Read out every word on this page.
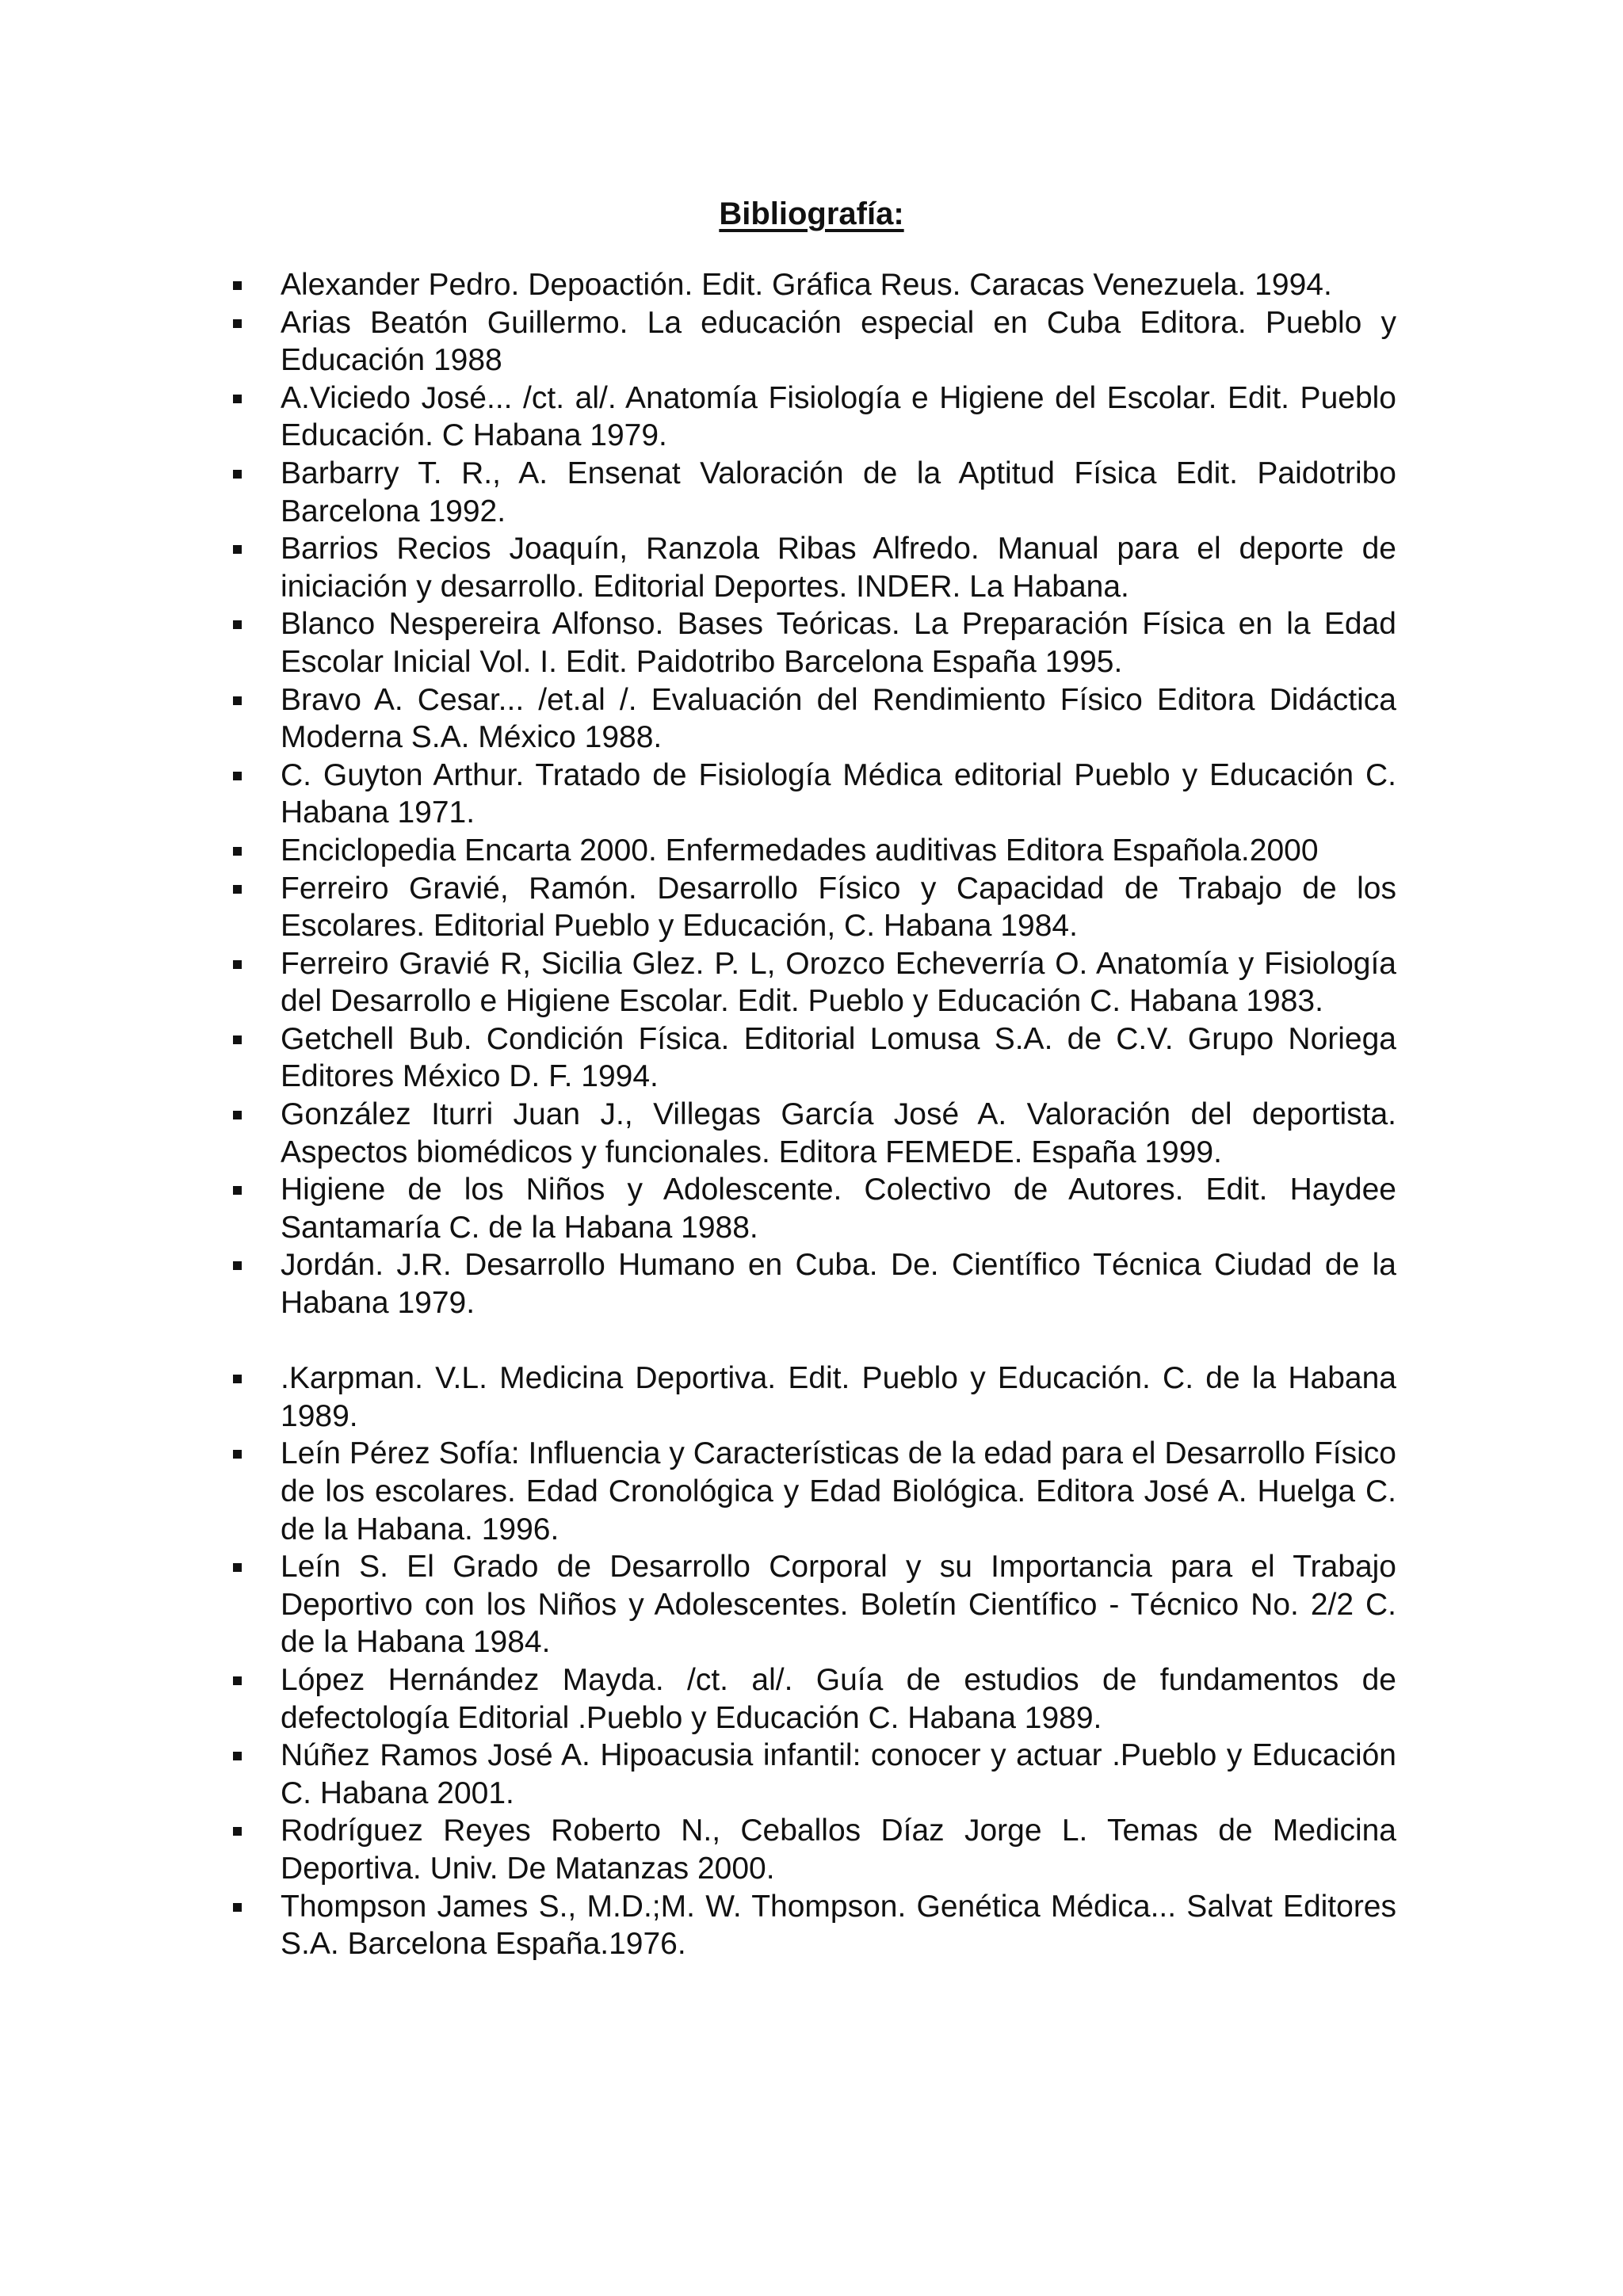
Bibliografía:
Alexander Pedro. Depoactión. Edit. Gráfica Reus. Caracas Venezuela. 1994.
Arias Beatón Guillermo. La educación especial en Cuba Editora. Pueblo y Educación 1988
A.Viciedo José... /ct. al/. Anatomía Fisiología e Higiene del Escolar. Edit. Pueblo Educación. C Habana 1979.
Barbarry T. R., A. Ensenat Valoración de la Aptitud Física Edit. Paidotribo Barcelona 1992.
Barrios Recios Joaquín, Ranzola Ribas Alfredo. Manual para el deporte de iniciación y desarrollo. Editorial Deportes. INDER. La Habana.
Blanco Nespereira Alfonso. Bases Teóricas. La Preparación Física en la Edad Escolar Inicial Vol. I. Edit. Paidotribo Barcelona España 1995.
Bravo A. Cesar... /et.al /. Evaluación del Rendimiento Físico Editora Didáctica Moderna S.A. México 1988.
C. Guyton Arthur. Tratado de Fisiología Médica editorial Pueblo y Educación C. Habana 1971.
Enciclopedia Encarta 2000. Enfermedades auditivas Editora Española.2000
Ferreiro Gravié, Ramón. Desarrollo Físico y Capacidad de Trabajo de los Escolares. Editorial Pueblo y Educación, C. Habana 1984.
Ferreiro Gravié R, Sicilia Glez. P. L, Orozco Echeverría O. Anatomía y Fisiología del Desarrollo e Higiene Escolar. Edit. Pueblo y Educación C. Habana 1983.
Getchell Bub. Condición Física. Editorial Lomusa S.A. de C.V. Grupo Noriega Editores México D. F. 1994.
González Iturri Juan J., Villegas García José A. Valoración del deportista. Aspectos biomédicos y funcionales. Editora FEMEDE. España 1999.
Higiene de los Niños y Adolescente. Colectivo de Autores. Edit. Haydee Santamaría C. de la Habana 1988.
Jordán. J.R. Desarrollo Humano en Cuba. De. Científico Técnica Ciudad de la Habana 1979.
.Karpman. V.L. Medicina Deportiva. Edit. Pueblo y Educación. C. de la Habana 1989.
Leín Pérez Sofía: Influencia y Características de la edad para el Desarrollo Físico de los escolares. Edad Cronológica y Edad Biológica. Editora José A. Huelga C. de la Habana. 1996.
Leín S. El Grado de Desarrollo Corporal y su Importancia para el Trabajo Deportivo con los Niños y Adolescentes. Boletín Científico - Técnico No. 2/2 C. de la Habana 1984.
López Hernández Mayda. /ct. al/. Guía de estudios de fundamentos de defectología Editorial .Pueblo y Educación C. Habana 1989.
Núñez Ramos José A. Hipoacusia infantil: conocer y actuar .Pueblo y Educación C. Habana 2001.
Rodríguez Reyes Roberto N., Ceballos Díaz Jorge L. Temas de Medicina Deportiva. Univ. De Matanzas 2000.
Thompson James S., M.D.;M. W. Thompson. Genética Médica... Salvat Editores S.A. Barcelona España.1976.
